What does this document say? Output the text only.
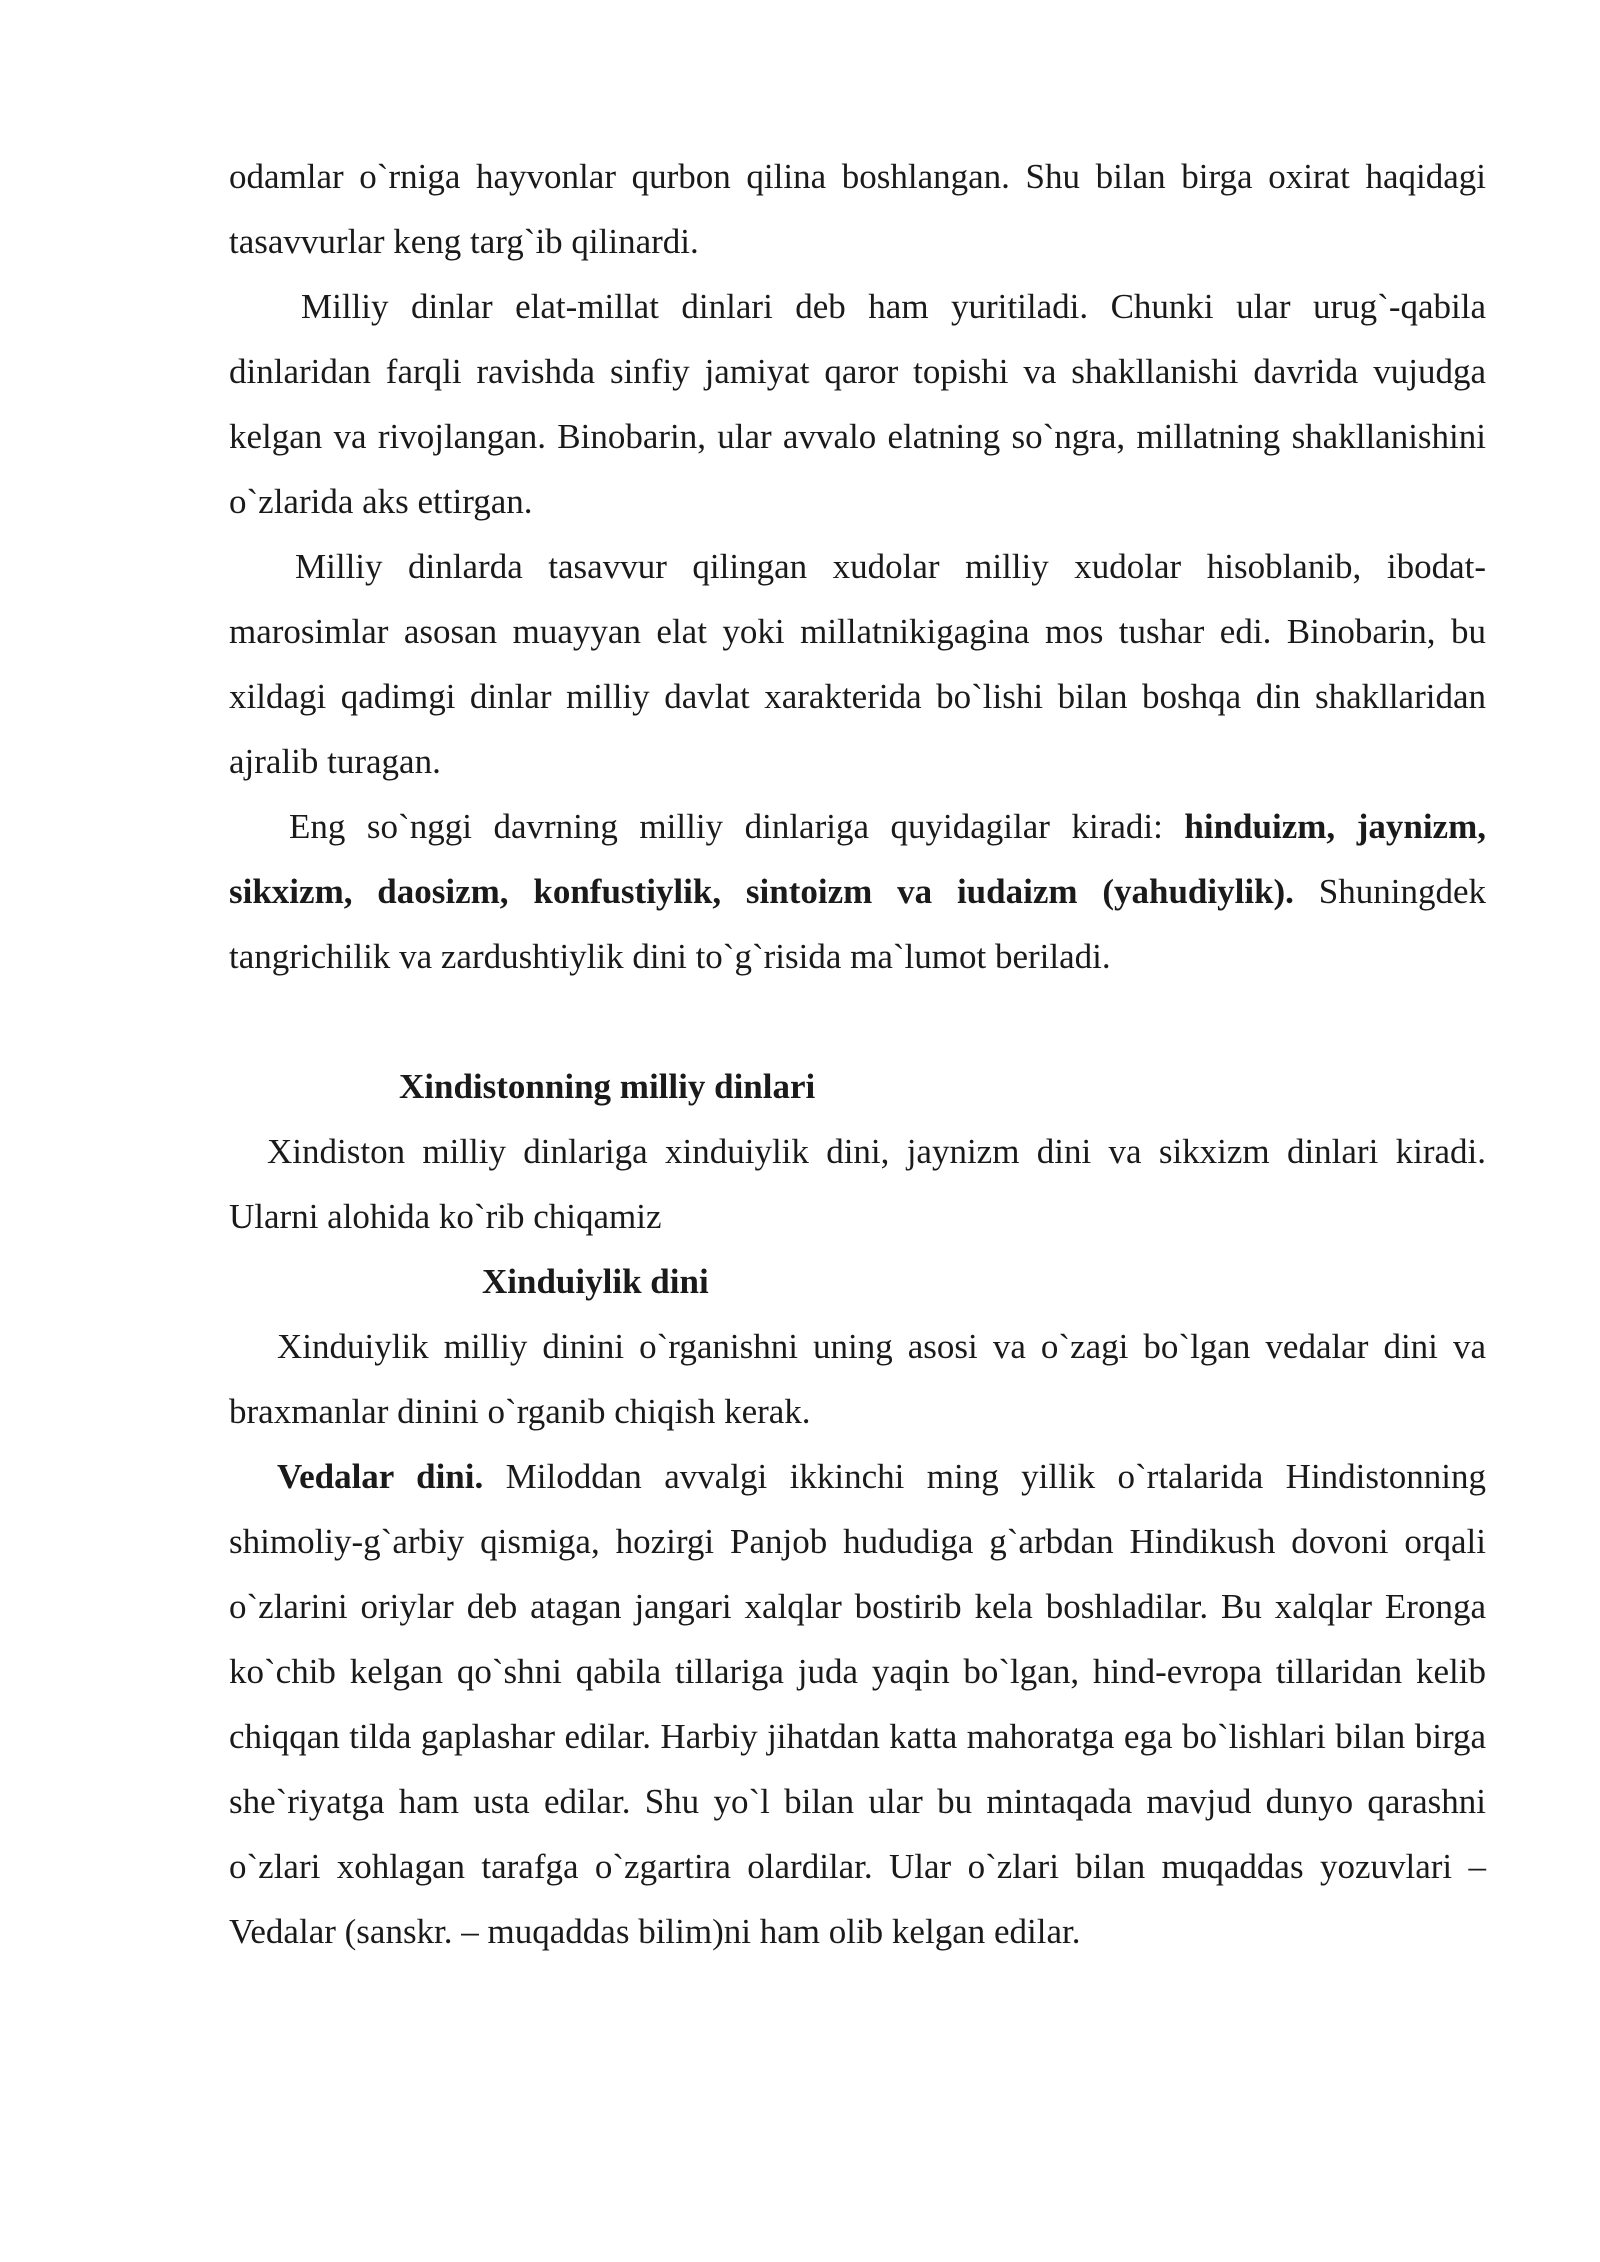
odamlar o`rniga hayvonlar qurbon qilina boshlangan. Shu bilan birga oxirat haqidagi tasavvurlar keng targ`ib qilinardi.

Milliy dinlar elat-millat dinlari deb ham yuritiladi. Chunki ular urug`-qabila dinlaridan farqli ravishda sinfiy jamiyat qaror topishi va shakllanishi davrida vujudga kelgan va rivojlangan. Binobarin, ular avvalo elatning so`ngra, millatning shakllanishini o`zlarida aks ettirgan.

Milliy dinlarda tasavvur qilingan xudolar milliy xudolar hisoblanib, ibodat-marosimlar asosan muayyan elat yoki millatnikigagina mos tushar edi. Binobarin, bu xildagi qadimgi dinlar milliy davlat xarakterida bo`lishi bilan boshqa din shakllaridan ajralib turagan.

Eng so`nggi davrning milliy dinlariga quyidagilar kiradi: hinduizm, jaynizm, sikxizm, daosizm, konfustiylik, sintoizm va iudaizm (yahudiylik). Shuningdek tangrichilik va zardushtiylik dini to`g`risida ma`lumot beriladi.

Xindistonning milliy dinlari

Xindiston milliy dinlariga xinduiylik dini, jaynizm dini va sikxizm dinlari kiradi. Ularni alohida ko`rib chiqamiz

Xinduiylik dini

Xinduiylik milliy dinini o`rganishni uning asosi va o`zagi bo`lgan vedalar dini va braxmanlar dinini o`rganib chiqish kerak.

Vedalar dini. Miloddan avvalgi ikkinchi ming yillik o`rtalarida Hindistonning shimoliy-g`arbiy qismiga, hozirgi Panjob hududiga g`arbdan Hindikush dovoni orqali o`zlarini oriylar deb atagan jangari xalqlar bostirib kela boshladilar. Bu xalqlar Eronga ko`chib kelgan qo`shni qabila tillariga juda yaqin bo`lgan, hind-evropa tillaridan kelib chiqqan tilda gaplashar edilar. Harbiy jihatdan katta mahoratga ega bo`lishlari bilan birga she`riyatga ham usta edilar. Shu yo`l bilan ular bu mintaqada mavjud dunyo qarashni o`zlari xohlagan tarafga o`zgartira olardilar. Ular o`zlari bilan muqaddas yozuvlari – Vedalar (sanskr. – muqaddas bilim)ni ham olib kelgan edilar.
